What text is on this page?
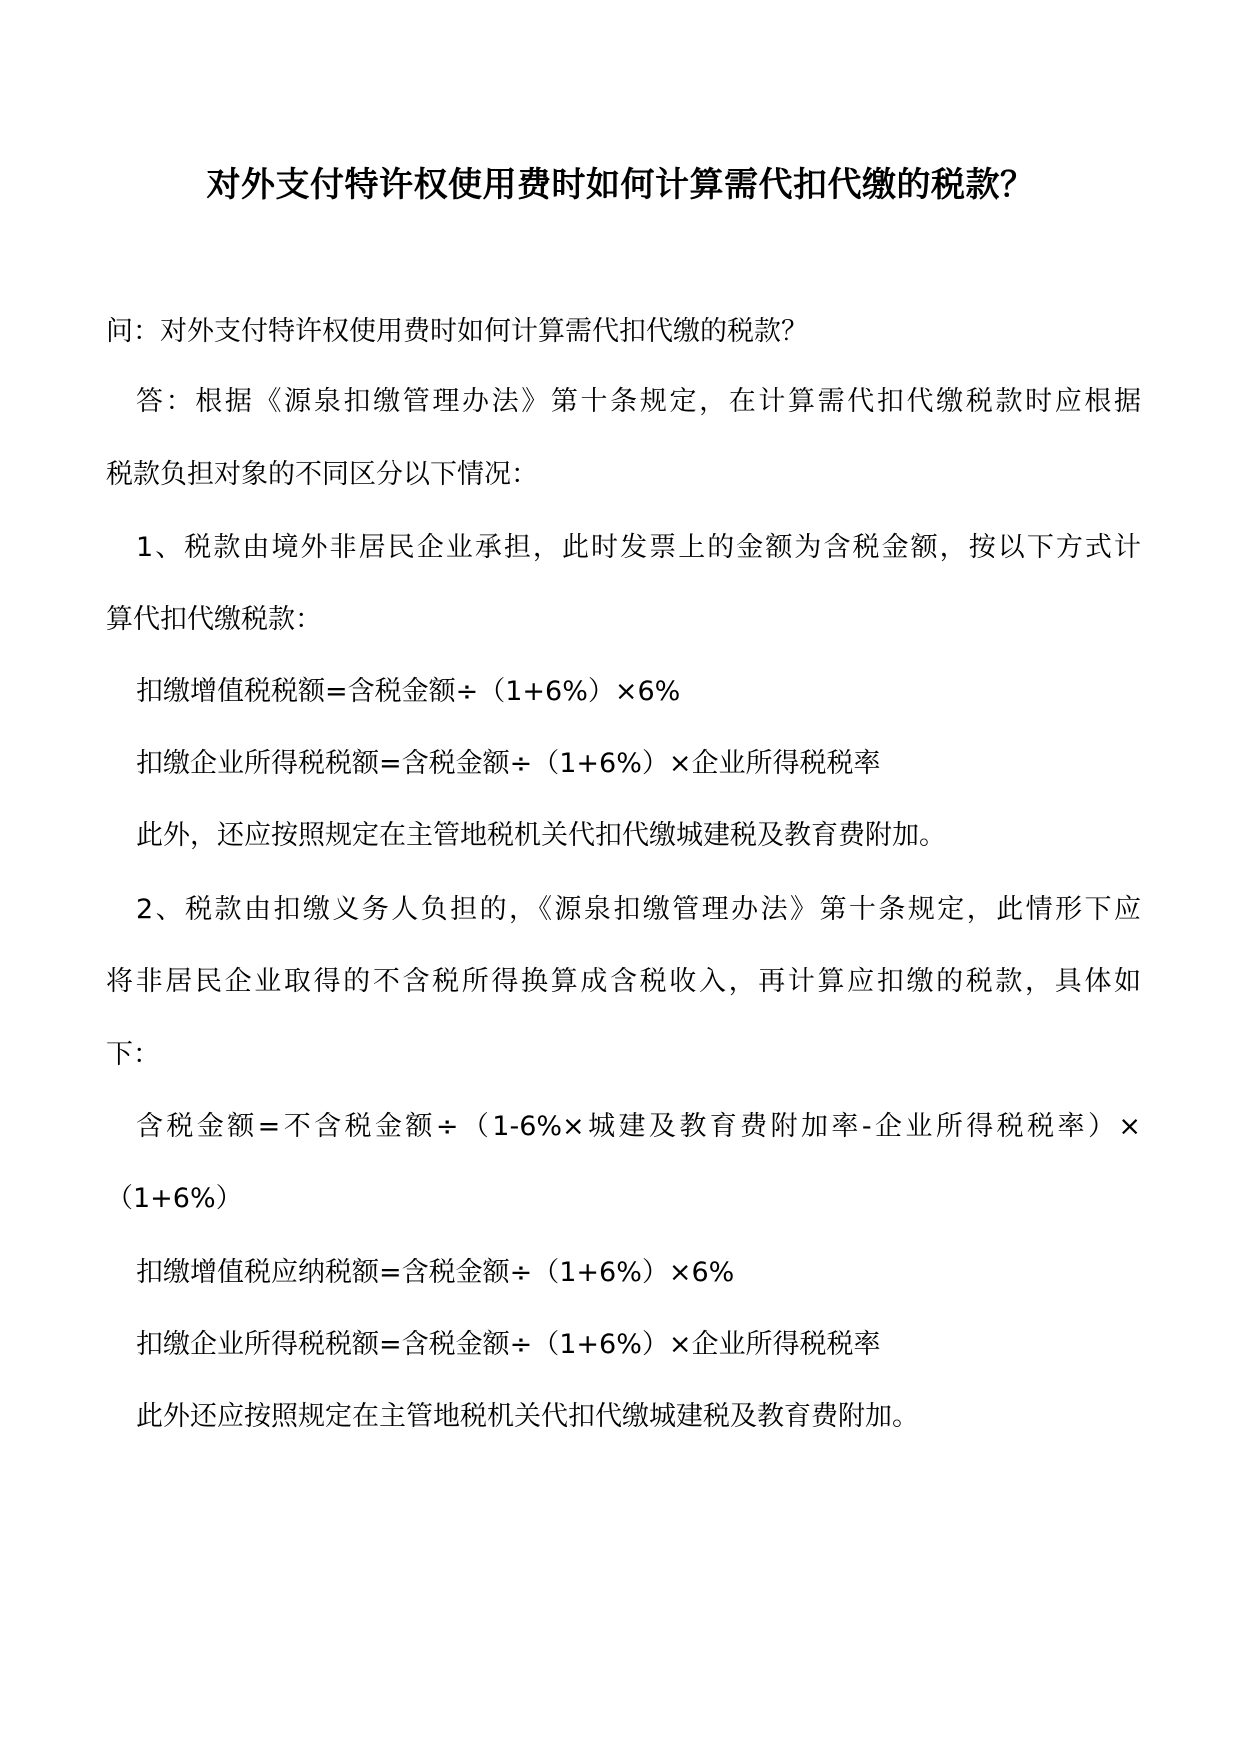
对外支付特许权使用费时如何计算需代扣代缴的税款？
问：对外支付特许权使用费时如何计算需代扣代缴的税款？
答：根据《源泉扣缴管理办法》第十条规定，在计算需代扣代缴税款时应根据
税款负担对象的不同区分以下情况：
1、税款由境外非居民企业承担，此时发票上的金额为含税金额，按以下方式计
算代扣代缴税款：
扣缴增值税税额=含税金额÷（1+6%）×6%
扣缴企业所得税税额=含税金额÷（1+6%）×企业所得税税率
此外，还应按照规定在主管地税机关代扣代缴城建税及教育费附加。
2、税款由扣缴义务人负担的，《源泉扣缴管理办法》第十条规定，此情形下应
将非居民企业取得的不含税所得换算成含税收入，再计算应扣缴的税款，具体如
下：
含税金额=不含税金额÷（1-6%×城建及教育费附加率-企业所得税税率）×
（1+6%）
扣缴增值税应纳税额=含税金额÷（1+6%）×6%
扣缴企业所得税税额=含税金额÷（1+6%）×企业所得税税率
此外还应按照规定在主管地税机关代扣代缴城建税及教育费附加。
